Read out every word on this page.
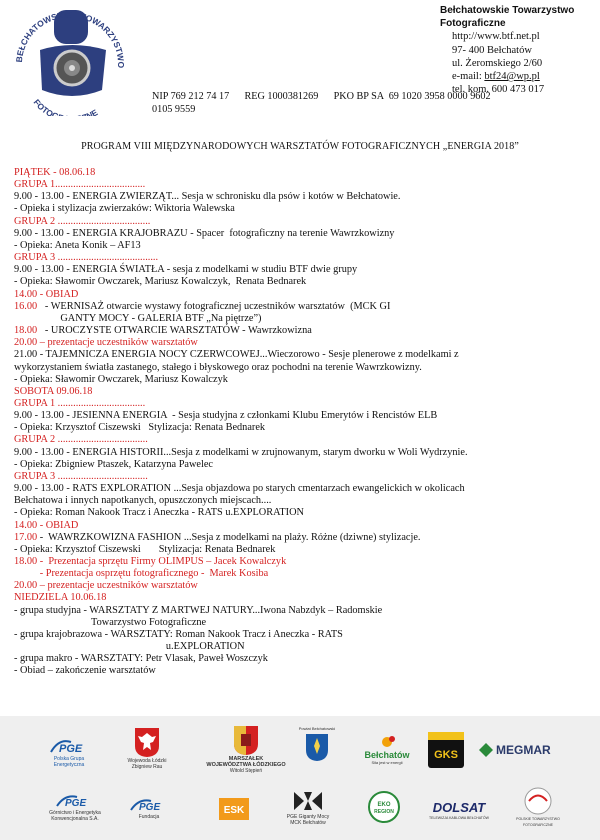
BEŁCHATOWSKIE TOWARZYSTWO
FOTOG NE
Bełchatowskie Towarzystwo Fotograficzne
http://www.btf.net.pl
97- 400 Bełchatów
ul. Żeromskiego 2/60
e-mail: btf24@wp.pl
tel. kom. 600 473 017
NIP 769 212 74 17      REG 1000381269      PKO BP SA  69 1020 3958 0000 9602
0105 9559
PROGRAM VIII MIĘDZYNARODOWYCH WARSZTATÓW FOTOGRAFICZNYCH „ENERGIA 2018”
PIĄTEK - 08.06.18
GRUPA 1...................................
9.00 - 13.00 - ENERGIA ZWIERZĄT... Sesja w schronisku dla psów i kotów w Bełchatowie.
- Opieka i stylizacja zwierzaków: Wiktoria Walewska
GRUPA 2 ....................................
9.00 - 13.00 - ENERGIA KRAJOBRAZU - Spacer  fotograficzny na terenie Wawrzkowizny
- Opieka: Aneta Konik – AF13
GRUPA 3 .......................................
9.00 - 13.00 - ENERGIA ŚWIATŁA - sesja z modelkami w studiu BTF dwie grupy
- Opieka: Sławomir Owczarek, Mariusz Kowalczyk,  Renata Bednarek
14.00 - OBIAD
16.00   - WERNISAŻ otwarcie wystawy fotograficznej uczestników warsztatów  (MCK GI
GANTY MOCY - GALERIA BTF „Na piętrze”)
18.00   - UROCZYSTE OTWARCIE WARSZTATÓW - Wawrzkowizna
20.00 – prezentacje uczestników warsztatów
21.00 - TAJEMNICZA ENERGIA NOCY CZERWCOWEJ...Wieczorowo - Sesje plenerowe z modelkami z
wykorzystaniem światła zastanego, stałego i błyskowego oraz pochodni na terenie Wawrzkowizny.
- Opieka: Sławomir Owczarek, Mariusz Kowalczyk
SOBOTA 09.06.18
GRUPA 1 ..................................
9.00 - 13.00 - JESIENNA ENERGIA  - Sesja studyjna z członkami Klubu Emerytów i Rencistów ELB
- Opieka: Krzysztof Ciszewski   Stylizacja: Renata Bednarek
GRUPA 2 ...................................
9.00 - 13.00 - ENERGIA HISTORII...Sesja z modelkami w zrujnowanym, starym dworku w Woli Wydrzynie.
- Opieka: Zbigniew Ptaszek, Katarzyna Pawelec
GRUPA 3 ...................................
9.00 - 13.00 - RATS EXPLORATION ...Sesja objazdowa po starych cmentarzach ewangelickich w okolicach
Bełchatowa i innych napotkanych, opuszczonych miejscach....
- Opieka: Roman Nakook Tracz i Aneczka - RATS u.EXPLORATION
14.00 - OBIAD
17.00 -  WAWRZKOWIZNA FASHION ...Sesja z modelkami na plaży. Różne (dziwne) stylizacje.
- Opieka: Krzysztof Ciszewski       Stylizacja: Renata Bednarek
18.00 -  Prezentacja sprzętu Firmy OLIMPUS – Jacek Kowalczyk
- Prezentacja osprzętu fotograficznego -  Marek Kosiba
20.00 – prezentacje uczestników warsztatów
NIEDZIELA 10.06.18
- grupa studyjna - WARSZTATY Z MARTWEJ NATURY...Iwona Nabzdyk – Radomskie
Towarzystwo Fotograficzne
- grupa krajobrazowa - WARSZTATY: Roman Nakook Tracz i Aneczka - RATS
u.EXPLORATION
- grupa makro - WARSZTATY: Petr Vlasak, Paweł Woszczyk
- Obiad – zakończenie warsztatów
PGE
Polska Grupa Energetyczna
Wojewoda Łódzki
Zbigniew Rau
MARSZAŁEK
WOJEWÓDZTWA ŁÓDZKIEGO
Witold Stępień
Powiat Bełchatowski
Bełchatów
Siła jest w energii
GKS	MEGMAR
PGE
Górnictwo i Energetyka
Konwencjonalna S.A.
PGE
Fundacja
ESK
PGE Giganty Mocy
MCK Bełchatów
EKO
REGION	DOLSAT
TELEWIZJA KABLOWA BEŁCHATÓW	POLSKIE TOWARZYSTWO FOTOGRAFICZNE
